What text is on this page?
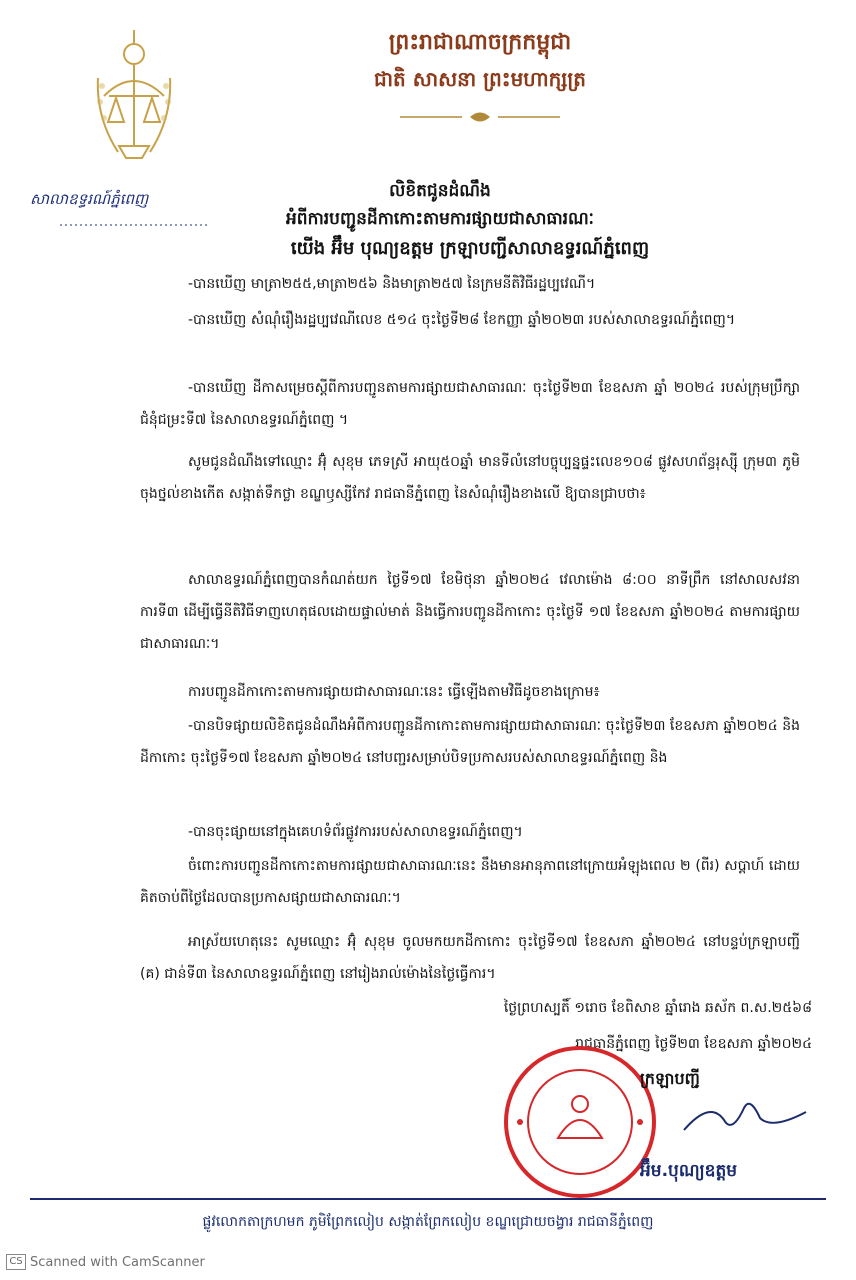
សាលាឧទ្ធរណ៍ភ្នំពេញ
ព្រះរាជាណាចក្រកម្ពុជា
ជាតិ សាសនា ព្រះមហាក្សត្រ
លិខិតជូនដំណឹង
អំពីការបញ្ជូនដីកាកោះតាមការផ្សាយជាសាធារណៈ
យើង អ៊ឹម បុណ្យឧត្តម ក្រឡាបញ្ជីសាលាឧទ្ធរណ៍ភ្នំពេញ

-បានឃើញ មាត្រា២៥៥,មាត្រា២៥៦ និងមាត្រា២៥៧ នៃក្រមនីតិវិធីរដ្ឋប្បវេណី។

-បានឃើញ សំណុំរឿងរដ្ឋប្បវេណីលេខ ៥១៤ ចុះថ្ងៃទី២៨ ខែកញ្ញា ឆ្នាំ២០២៣ របស់សាលាឧទ្ធរណ៍ភ្នំពេញ។

-បានឃើញ ដីកាសម្រេចស្ដីពីការបញ្ជូនតាមការផ្សាយជាសាធារណៈ ចុះថ្ងៃទី២៣ ខែឧសភា ឆ្នាំ ២០២៤ របស់ក្រុមប្រឹក្សាជំនុំជម្រះទី៧ នៃសាលាឧទ្ធរណ៍ភ្នំពេញ ។

សូមជូនដំណឹងទៅឈ្មោះ អ៊ុំ សុខុម ភេទស្រី អាយុ៥០ឆ្នាំ មានទីលំនៅបច្ចុប្បន្នផ្ទះលេខ១០៨ ផ្លូវសហព័ន្ធរុស្ស៊ី ក្រុម៣ ភូមិចុងថ្នល់ខាងកើត សង្កាត់ទឹកថ្លា ខណ្ឌឫស្សីកែវ រាជធានីភ្នំពេញ នៃសំណុំរឿងខាងលើ ឱ្យបានជ្រាបថា៖

សាលាឧទ្ធរណ៍ភ្នំពេញបានកំណត់យក ថ្ងៃទី១៧ ខែមិថុនា ឆ្នាំ២០២៤ វេលាម៉ោង ៨:០០ នាទីព្រឹក នៅសាលសវនាការទី៣ ដើម្បីធ្វើនីតិវិធីទាញហេតុផលដោយផ្ទាល់មាត់ និងធ្វើការបញ្ជូនដីកាកោះ ចុះថ្ងៃទី ១៧ ខែឧសភា ឆ្នាំ២០២៤ តាមការផ្សាយជាសាធារណៈ។

ការបញ្ជូនដីកាកោះតាមការផ្សាយជាសាធារណៈនេះ ធ្វើឡើងតាមវិធីដូចខាងក្រោម៖

-បានបិទផ្សាយលិខិតជូនដំណឹងអំពីការបញ្ជូនដីកាកោះតាមការផ្សាយជាសាធារណៈ ចុះថ្ងៃទី២៣ ខែឧសភា ឆ្នាំ២០២៤ និងដីកាកោះ ចុះថ្ងៃទី១៧ ខែឧសភា ឆ្នាំ២០២៤ នៅបញ្ជរសម្រាប់បិទប្រកាសរបស់សាលាឧទ្ធរណ៍ភ្នំពេញ និង

-បានចុះផ្សាយនៅក្នុងគេហទំព័រផ្លូវការរបស់សាលាឧទ្ធរណ៍ភ្នំពេញ។

ចំពោះការបញ្ជូនដីកាកោះតាមការផ្សាយជាសាធារណៈនេះ នឹងមានអានុភាពនៅក្រោយអំឡុងពេល ២ (ពីរ) សប្ដាហ៍ ដោយគិតចាប់ពីថ្ងៃដែលបានប្រកាសផ្សាយជាសាធារណៈ។

អាស្រ័យហេតុនេះ សូមឈ្មោះ អ៊ុំ សុខុម ចូលមកយកដីកាកោះ ចុះថ្ងៃទី១៧ ខែឧសភា ឆ្នាំ២០២៤ នៅបន្ទប់ក្រឡាបញ្ជី (គ) ជាន់ទី៣ នៃសាលាឧទ្ធរណ៍ភ្នំពេញ នៅរៀងរាល់ម៉ោងនៃថ្ងៃធ្វើការ។

ថ្ងៃព្រហស្បតិ៍ ១រោច ខែពិសាខ ឆ្នាំរោង ឆស័ក ព.ស.២៥៦៨
រាជធានីភ្នំពេញ ថ្ងៃទី២៣ ខែឧសភា ឆ្នាំ២០២៤
ក្រឡាបញ្ជី
អ៊ឹម.បុណ្យឧត្ដម
ផ្លូវលោកតាក្រហមក ភូមិព្រែកលៀប សង្កាត់ព្រែកលៀប ខណ្ឌជ្រោយចង្វារ រាជធានីភ្នំពេញ
CS Scanned with CamScanner
